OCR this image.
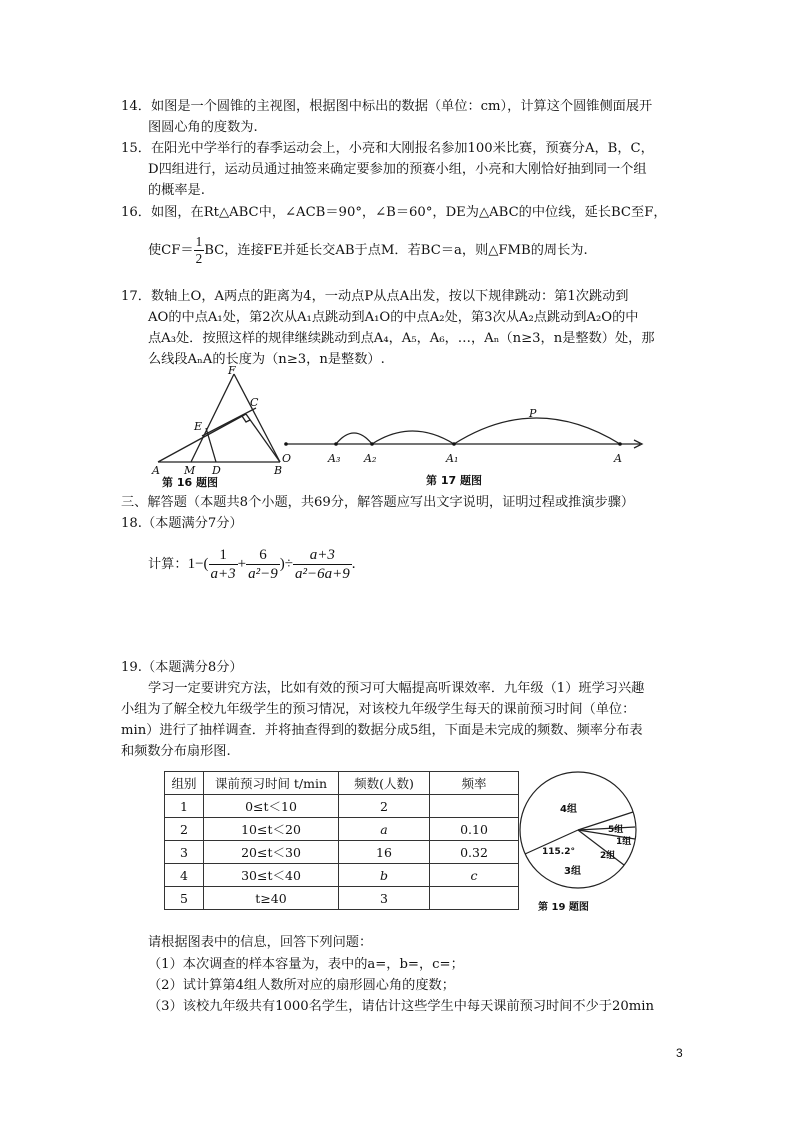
14．如图是一个圆锥的主视图，根据图中标出的数据（单位：cm），计算这个圆锥侧面展开
图圆心角的度数为.
15．在阳光中学举行的春季运动会上，小亮和大刚报名参加100米比赛，预赛分A，B，C，
D四组进行，运动员通过抽签来确定要参加的预赛小组，小亮和大刚恰好抽到同一个组
的概率是.
16．如图，在Rt△ABC中，∠ACB＝90°，∠B＝60°，DE为△ABC的中位线，延长BC至F，
使$CF= \frac{1}{2}$ BC，连接FE并延长交AB于点M．若BC＝a，则△FMB的周长为.
17．数轴上O，A两点的距离为4，一动点P从点A出发，按以下规律跳动：第1次跳动到
AO的中点A₁处，第2次从A₁点跳动到A₁O的中点A₂处，第3次从A₂点跳动到A₂O的中
点A₃处．按照这样的规律继续跳动到点A₄，A₅，A₆，…，Aₙ（n≥3，n是整数）处，那
么线段AₙA的长度为（n≥3，n是整数）.
F
C
E
A M D	B
第 16 题图
O	A₃ A₂	A₁	A
P
第 17 题图
三、解答题（本题共8个小题，共69分，解答题应写出文字说明，证明过程或推演步骤）
18.（本题满分7分）
计算：$1-( \frac{1}{a+3} + \frac{6}{\text{a²−9}}$ )÷ $\frac{a+3}{\text{a²−6a+9}}$ .
19.（本题满分8分）
学习一定要讲究方法，比如有效的预习可大幅提高听课效率．九年级（1）班学习兴趣
小组为了解全校九年级学生的预习情况，对该校九年级学生每天的课前预习时间（单位：
min）进行了抽样调查．并将抽查得到的数据分成5组，下面是未完成的频数、频率分布表
和频数分布扇形图.
组别	课前预习时间 t/min	频数(人数)	频率
1	0≤t＜10	2	
2	10≤t＜20	a	0.10
3	20≤t＜30	16	0.32
4	30≤t＜40	b	c
5	t≥40	3	
4组
5组
1组
2组
3组
115.2°
第 19 题图
请根据图表中的信息，回答下列问题：
（1）本次调查的样本容量为，表中的a=，b=，c=；
（2）试计算第4组人数所对应的扇形圆心角的度数；
（3）该校九年级共有1000名学生，请估计这些学生中每天课前预习时间不少于20min
3
